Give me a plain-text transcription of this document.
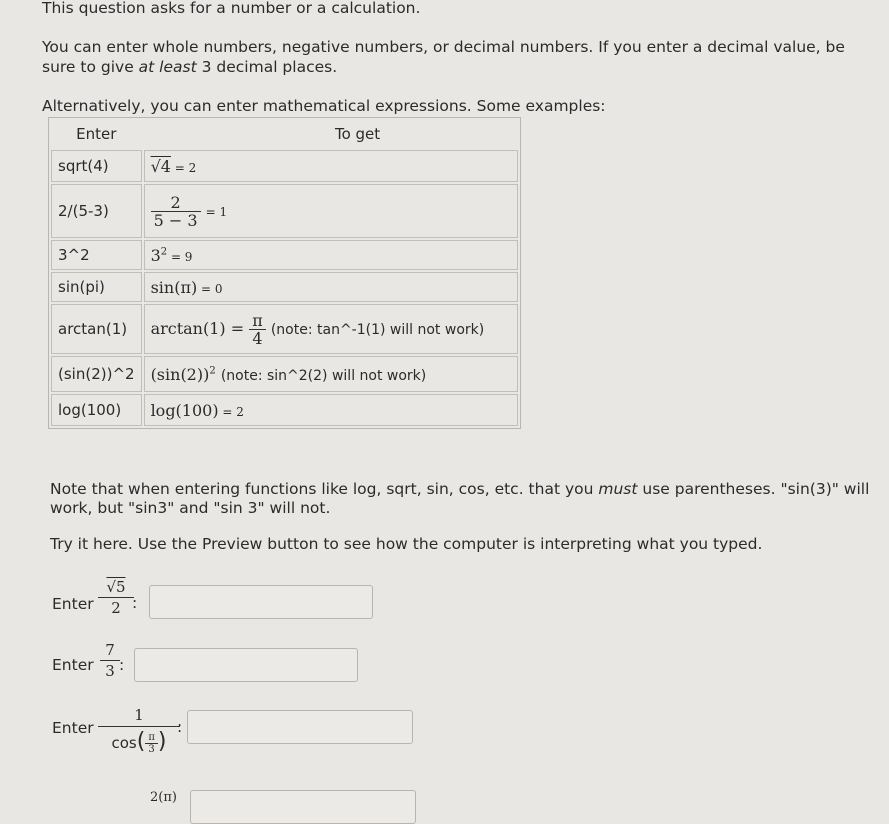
This question asks for a number or a calculation.
You can enter whole numbers, negative numbers, or decimal numbers. If you enter a decimal value, be
sure to give at least 3 decimal places.
Alternatively, you can enter mathematical expressions. Some examples:
Enter	To get
sqrt(4)	√4 = 2
2/(5-3)	$\frac{2}{5 - 3} = 1$
3^2	$3^2 = 9$
sin(pi)	sin(π) = 0
arctan(1)	$\arctan(1) = \frac{\pi}{4}$ (note: tan^-1(1) will not work)
(sin(2))^2	$(\sin(2))^2$ (note: sin^2(2) will not work)
log(100)	log(100) = 2
Note that when entering functions like log, sqrt, sin, cos, etc. that you must use parentheses. "sin(3)" will
work, but "sin3" and "sin 3" will not.
Try it here. Use the Preview button to see how the computer is interpreting what you typed.
Enter $\frac{√5}{2}$
:
Enter $\frac{7}{3}$ :
Enter $\frac{1}{\cos( \frac{\pi}{3} )}$
:
2(π)
